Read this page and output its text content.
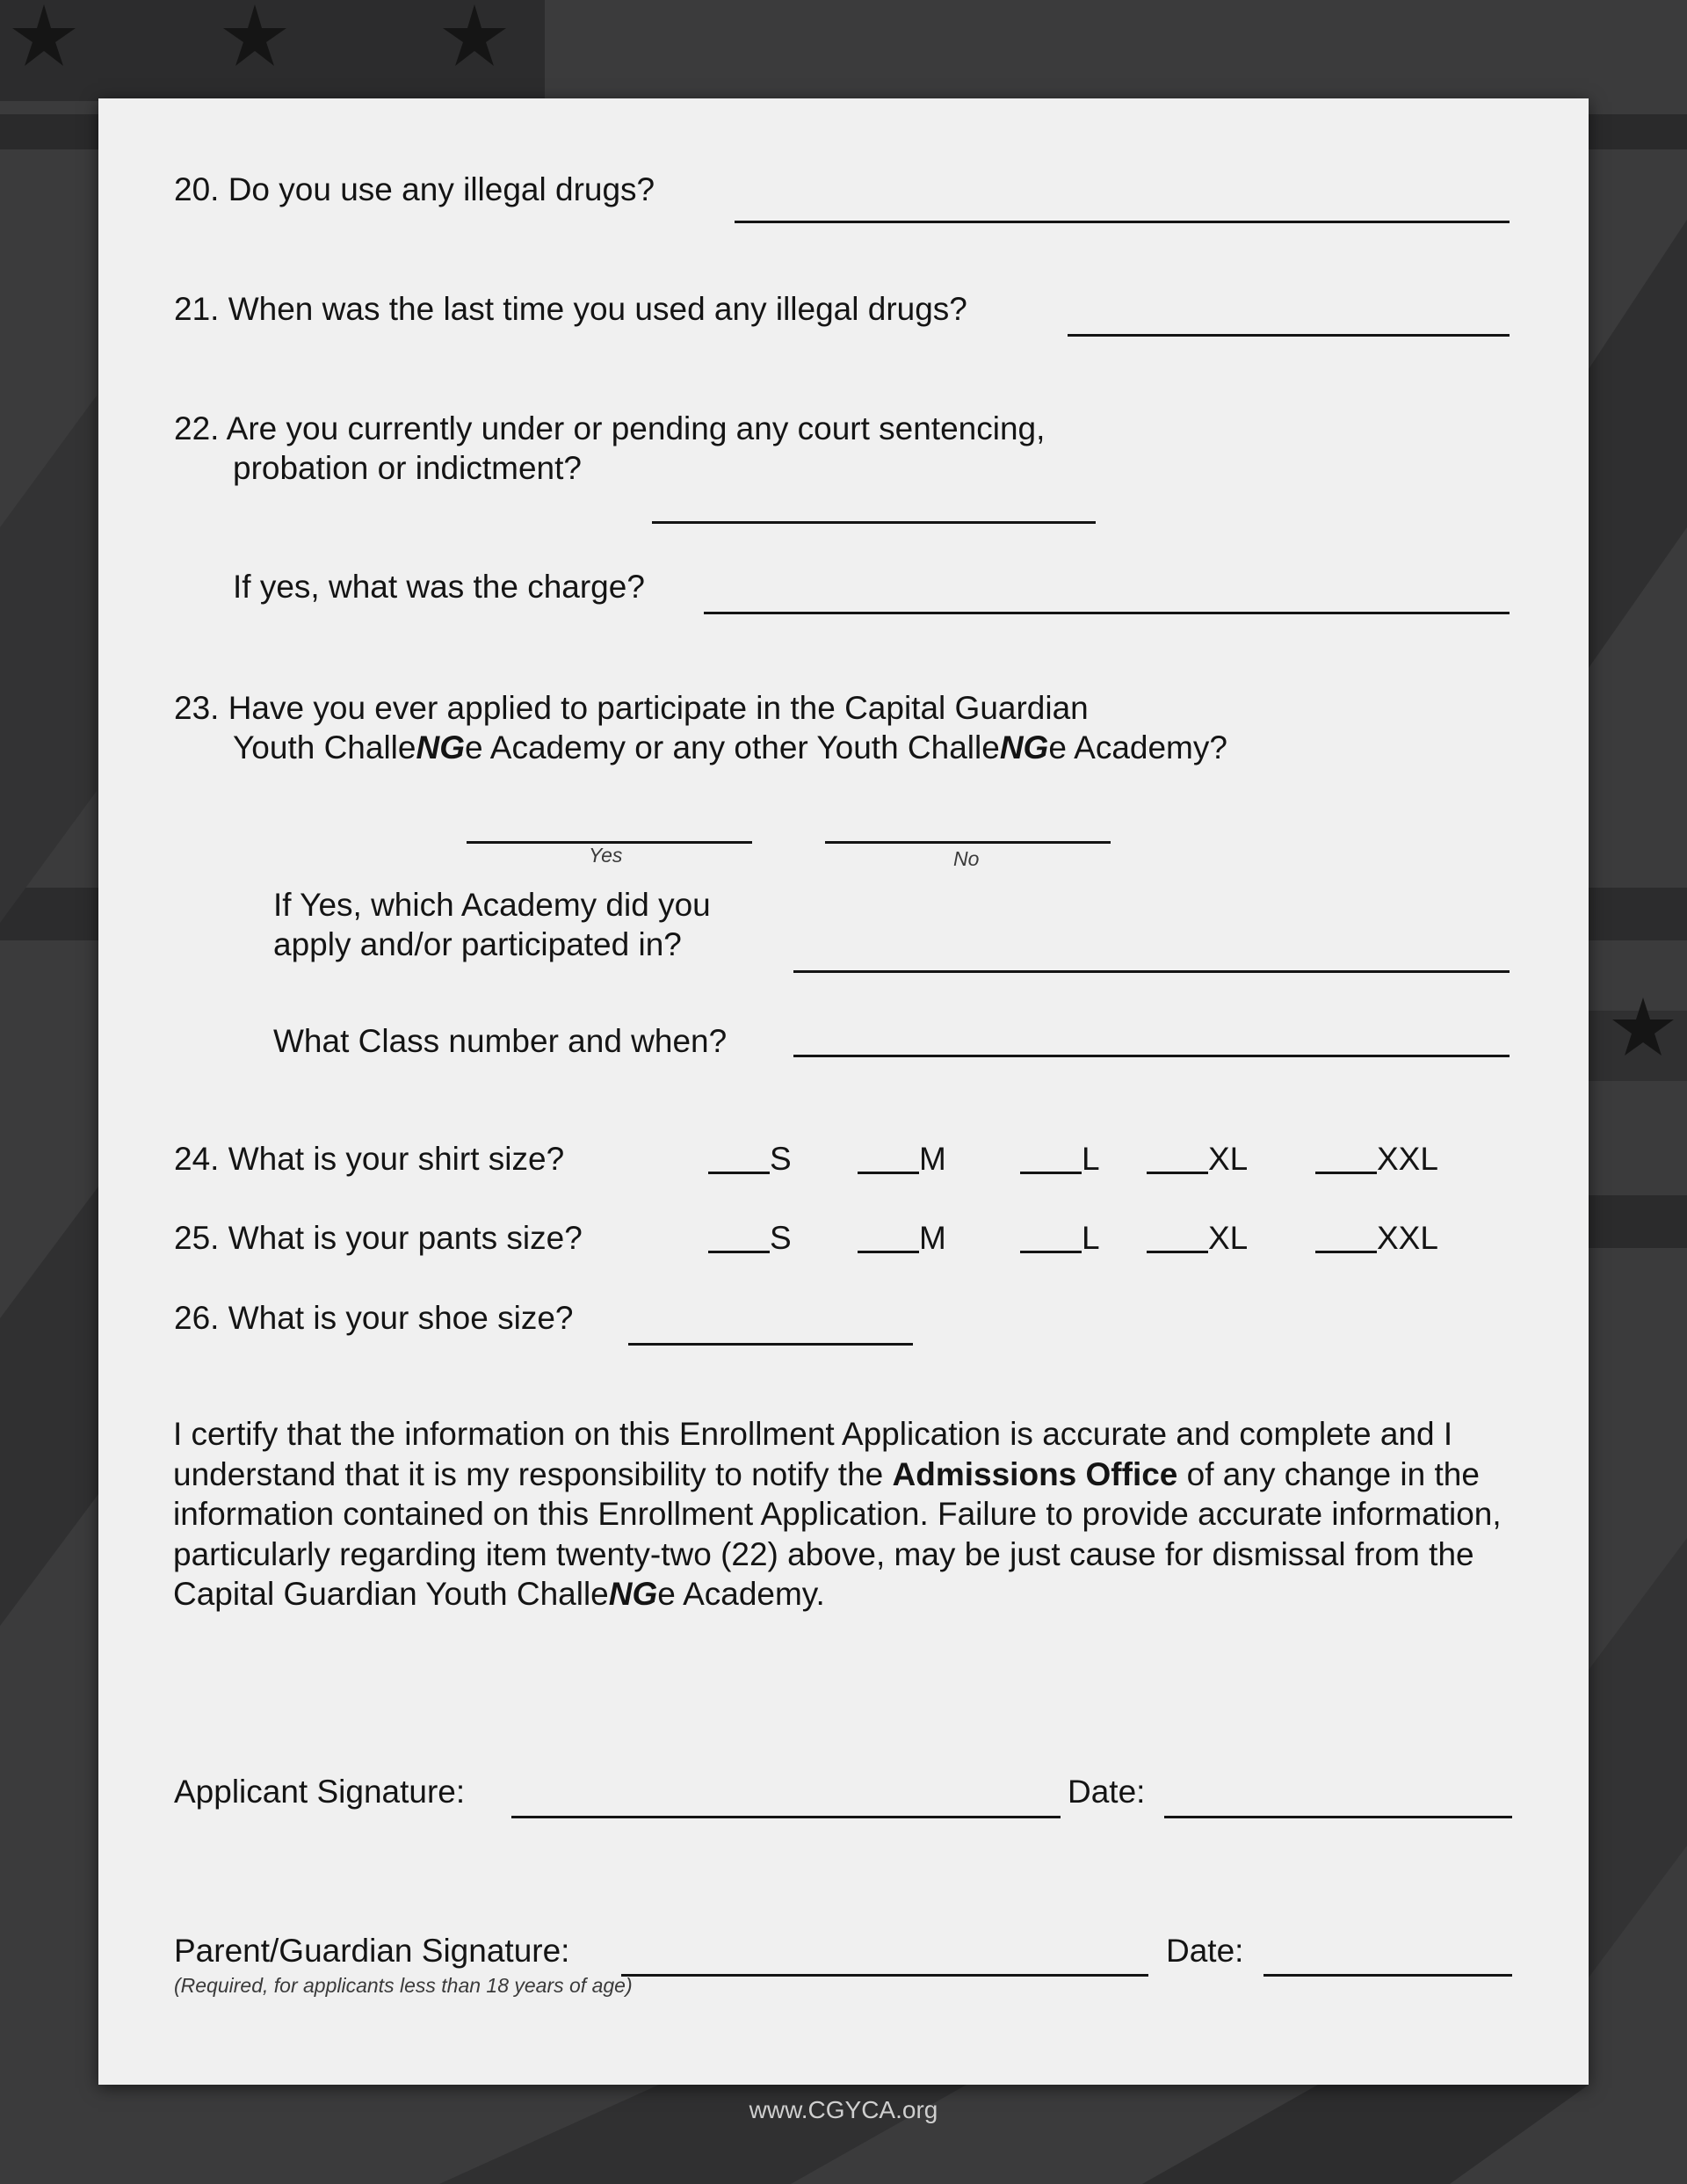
20. Do you use any illegal drugs?
21. When was the last time you used any illegal drugs?
22. Are you currently under or pending any court sentencing,
probation or indictment?
If yes, what was the charge?
23. Have you ever applied to participate in the Capital Guardian
Youth ChalleNGe Academy or any other Youth ChalleNGe Academy?
Yes	No
If Yes, which Academy did you
apply and/or participated in?
What Class number and when?
24. What is your shirt size?	S	M	L	XL	XXL
25. What is your pants size?	S	M	L	XL	XXL
26. What is your shoe size?
I certify that the information on this Enrollment Application is accurate and complete and I understand that it is my responsibility to notify the Admissions Office of any change in the information contained on this Enrollment Application. Failure to provide accurate information, particularly regarding item twenty-two (22) above, may be just cause for dismissal from the Capital Guardian Youth ChalleNGe Academy.
Applicant Signature:	Date:
Parent/Guardian Signature:	Date:
(Required, for applicants less than 18 years of age)
www.CGYCA.org
